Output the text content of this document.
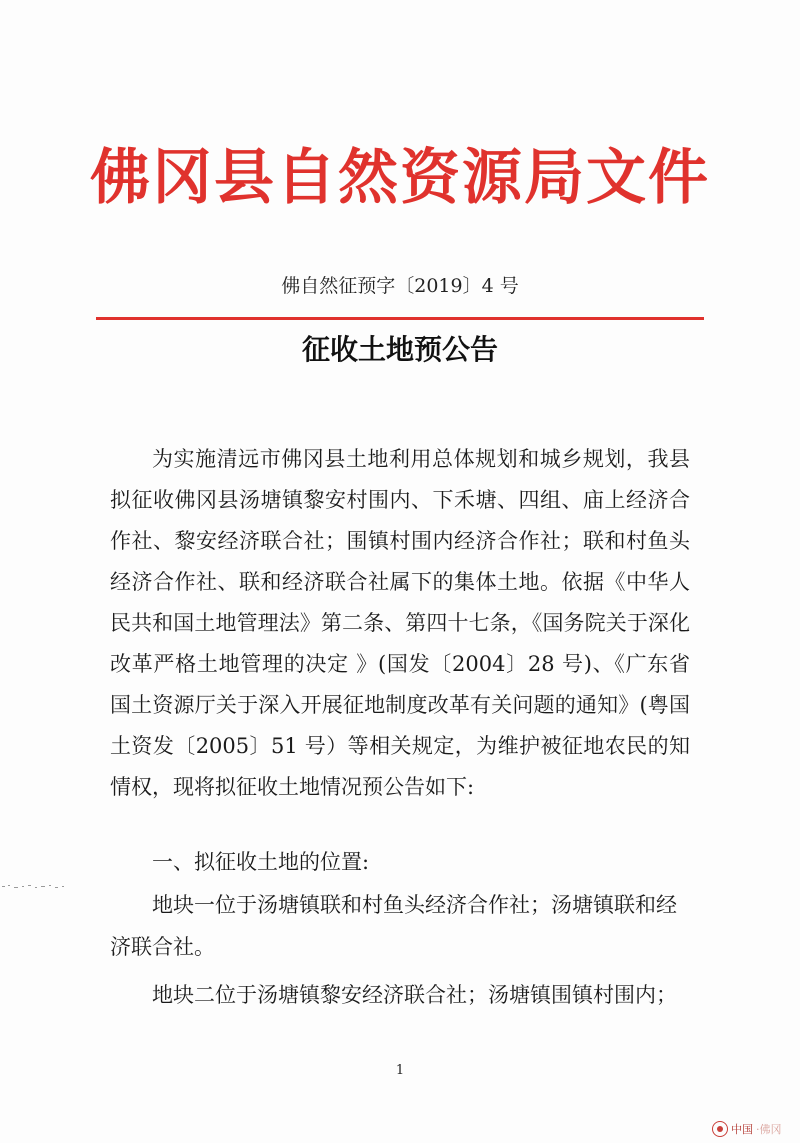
佛冈县自然资源局文件
佛自然征预字〔2019〕4 号
征收土地预公告
为实施清远市佛冈县土地利用总体规划和城乡规划，我县拟征收佛冈县汤塘镇黎安村围内、下禾塘、四组、庙上经济合作社、黎安经济联合社；围镇村围内经济合作社；联和村鱼头经济合作社、联和经济联合社属下的集体土地。依据《中华人民共和国土地管理法》第二条、第四十七条，《国务院关于深化改革严格土地管理的决定 》(国发〔2004〕28 号)、《广东省国土资源厅关于深入开展征地制度改革有关问题的通知》(粤国土资发〔2005〕51 号）等相关规定，为维护被征地农民的知情权，现将拟征收土地情况预公告如下:
一、拟征收土地的位置:
地块一位于汤塘镇联和村鱼头经济合作社；汤塘镇联和经济联合社。
地块二位于汤塘镇黎安经济联合社；汤塘镇围镇村围内；
1
中国 ·佛冈
